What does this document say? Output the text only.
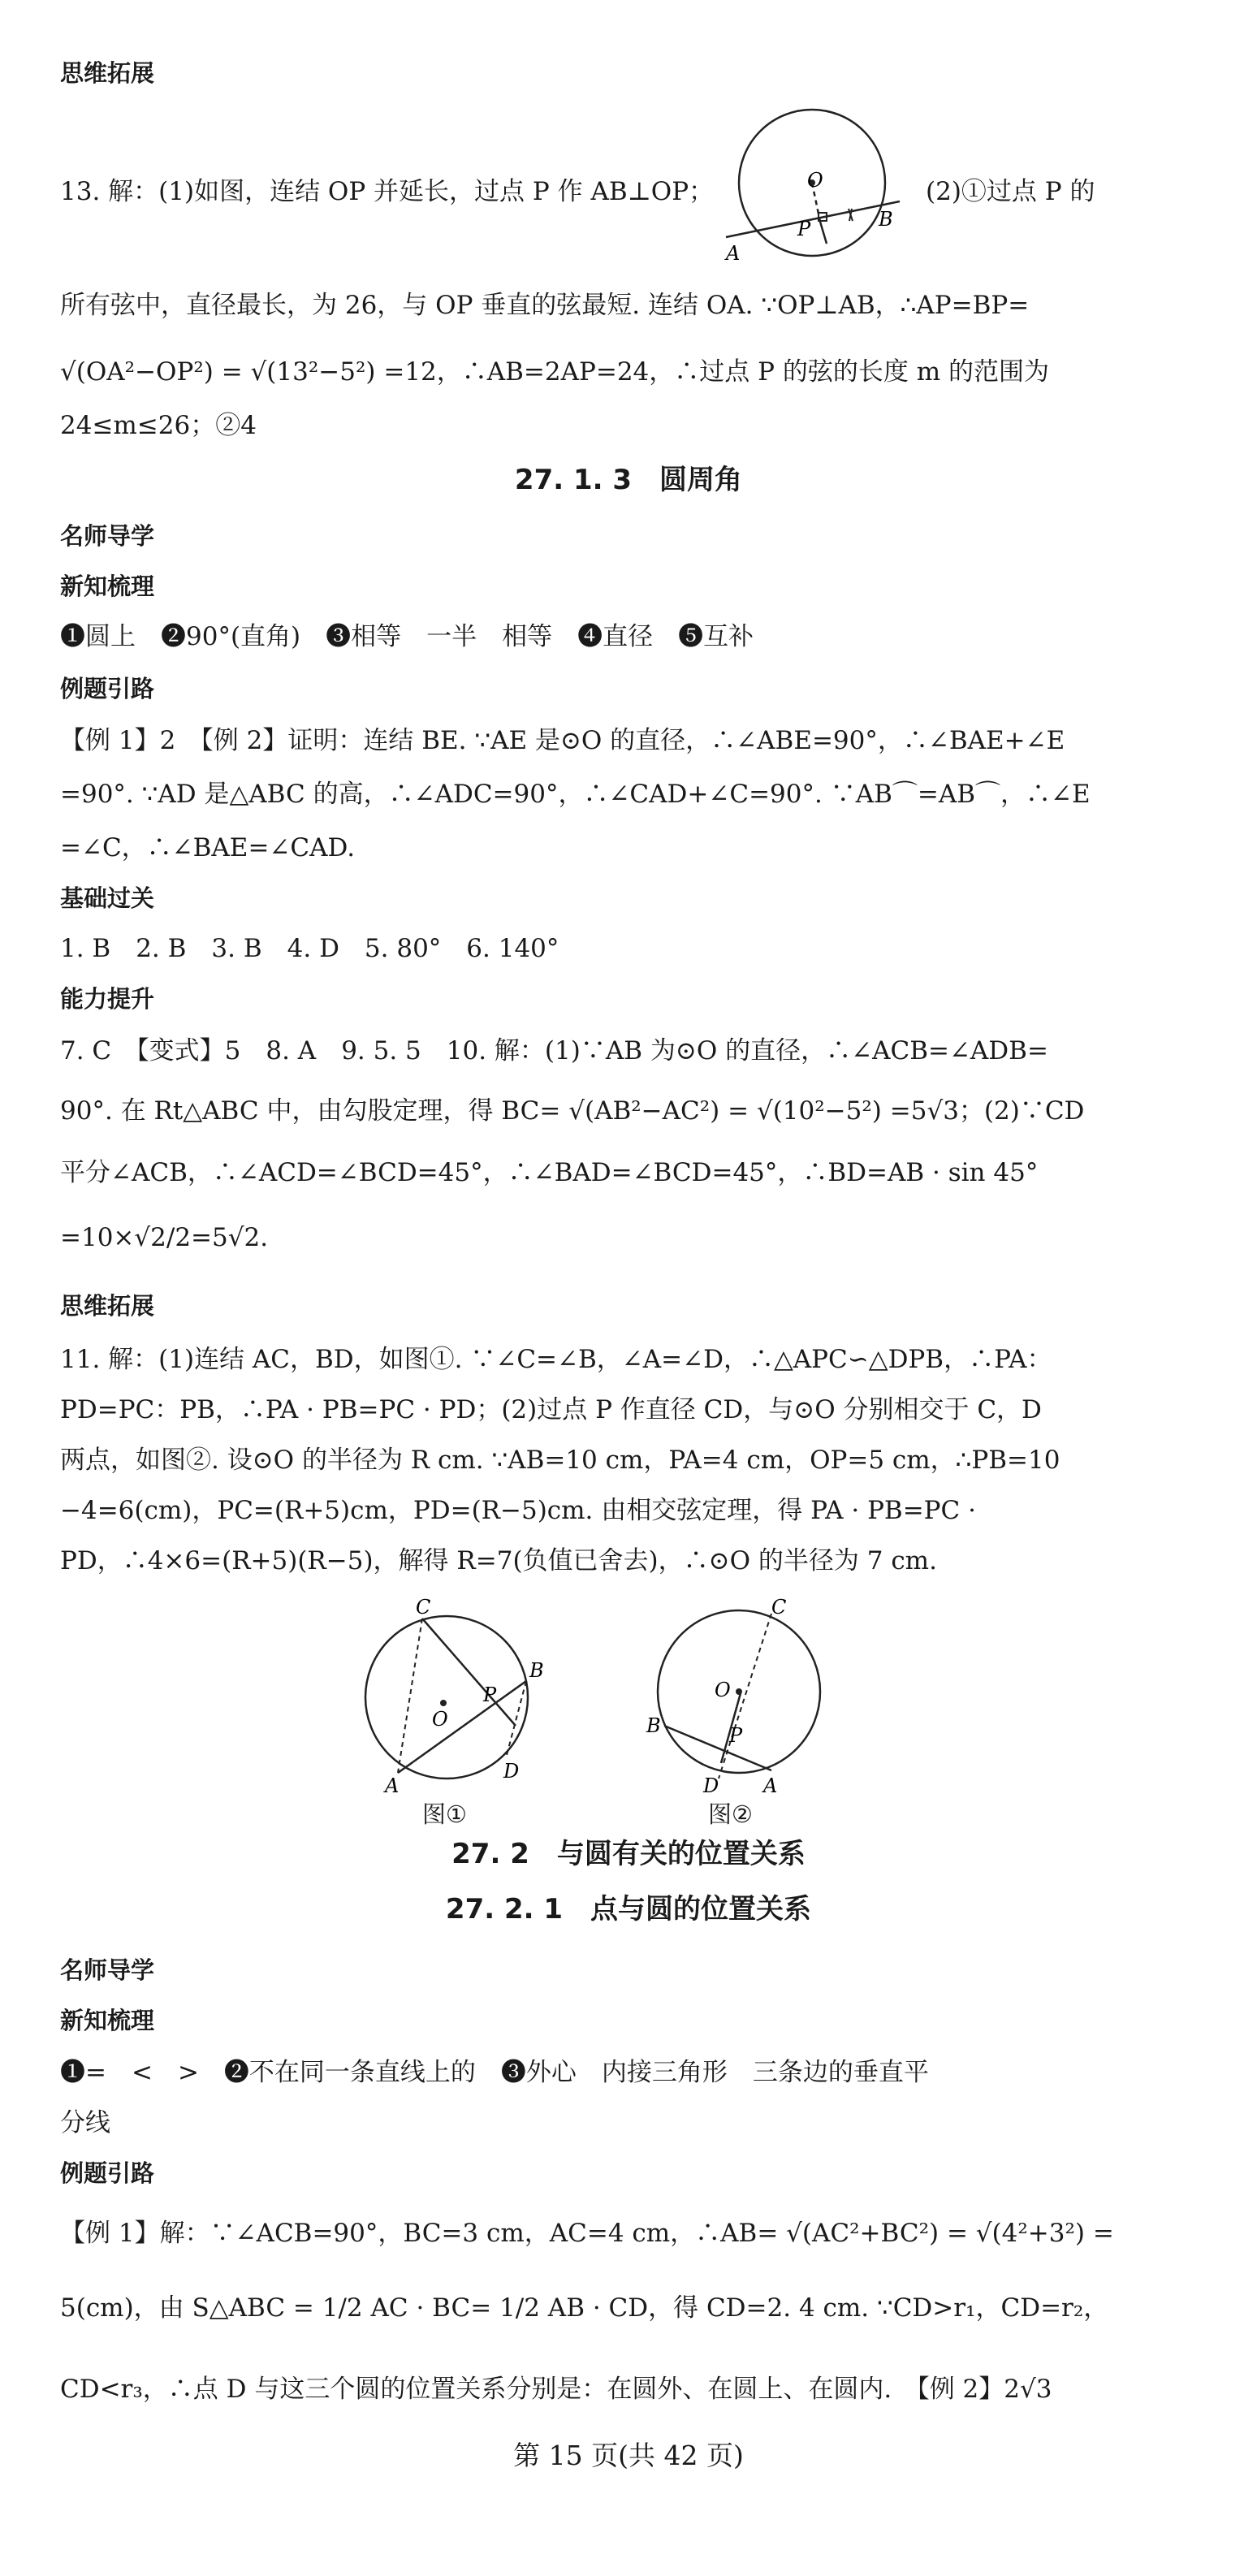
思维拓展
13. 解：(1)如图，连结 OP 并延长，过点 P 作 AB⊥OP；	(2)①过点 P 的
O
P
A
B
所有弦中，直径最长，为 26，与 OP 垂直的弦最短. 连结 OA. ∵OP⊥AB，∴AP=BP=
√(OA²−OP²) = √(13²−5²) =12，∴AB=2AP=24，∴过点 P 的弦的长度 m 的范围为
24≤m≤26；②4
27. 1. 3　圆周角
名师导学
新知梳理
❶圆上　❷90°(直角)　❸相等　一半　相等　❹直径　❺互补
例题引路
【例 1】2　【例 2】证明：连结 BE. ∵AE 是⊙O 的直径，∴∠ABE=90°，∴∠BAE+∠E
=90°. ∵AD 是△ABC 的高，∴∠ADC=90°，∴∠CAD+∠C=90°. ∵AB⌒=AB⌒，∴∠E
=∠C，∴∠BAE=∠CAD.
基础过关
1. B　2. B　3. B　4. D　5. 80°　6. 140°
能力提升
7. C　【变式】5　8. A　9. 5. 5　10. 解：(1)∵AB 为⊙O 的直径，∴∠ACB=∠ADB=
90°. 在 Rt△ABC 中，由勾股定理，得 BC= √(AB²−AC²) = √(10²−5²) =5√3；(2)∵CD
平分∠ACB，∴∠ACD=∠BCD=45°，∴∠BAD=∠BCD=45°，∴BD=AB · sin 45°
=10×√2/2=5√2.
思维拓展
11. 解：(1)连结 AC，BD，如图①. ∵∠C=∠B，∠A=∠D，∴△APC∽△DPB，∴PA：
PD=PC：PB，∴PA · PB=PC · PD；(2)过点 P 作直径 CD，与⊙O 分别相交于 C，D
两点，如图②. 设⊙O 的半径为 R cm. ∵AB=10 cm，PA=4 cm，OP=5 cm，∴PB=10
−4=6(cm)，PC=(R+5)cm，PD=(R−5)cm. 由相交弦定理，得 PA · PB=PC ·
PD，∴4×6=(R+5)(R−5)，解得 R=7(负值已舍去)，∴⊙O 的半径为 7 cm.
C
B
O
P
A
D
图①
C
O
P
B
D A
图②
27. 2　与圆有关的位置关系
27. 2. 1　点与圆的位置关系
名师导学
新知梳理
❶=　<　>　❷不在同一条直线上的　❸外心　内接三角形　三条边的垂直平
分线
例题引路
【例 1】解：∵∠ACB=90°，BC=3 cm，AC=4 cm，∴AB= √(AC²+BC²) = √(4²+3²) =
5(cm)，由 S△ABC = 1/2 AC · BC= 1/2 AB · CD，得 CD=2. 4 cm. ∵CD>r₁，CD=r₂，
CD<r₃，∴点 D 与这三个圆的位置关系分别是：在圆外、在圆上、在圆内.　【例 2】2√3
第 15 页(共 42 页)
